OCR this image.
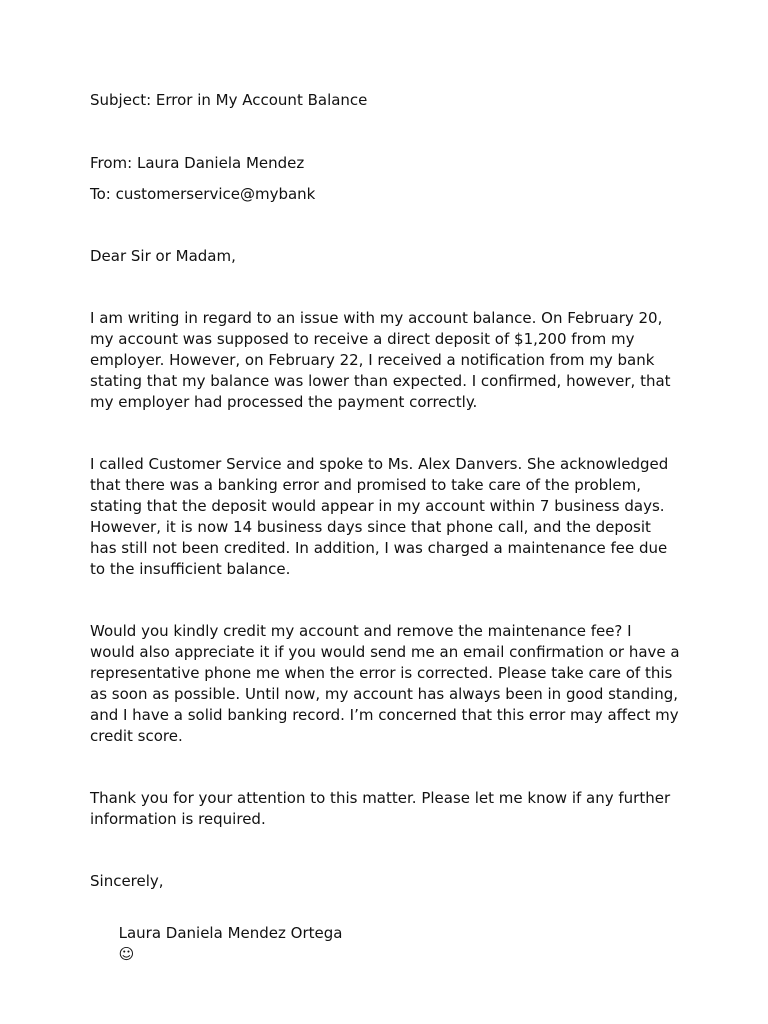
Subject: Error in My Account Balance

From: Laura Daniela Mendez

To: customerservice@mybank

Dear Sir or Madam,

I am writing in regard to an issue with my account balance. On February 20, my account was supposed to receive a direct deposit of $1,200 from my employer. However, on February 22, I received a notification from my bank stating that my balance was lower than expected. I confirmed, however, that my employer had processed the payment correctly.

I called Customer Service and spoke to Ms. Alex Danvers. She acknowledged that there was a banking error and promised to take care of the problem, stating that the deposit would appear in my account within 7 business days. However, it is now 14 business days since that phone call, and the deposit has still not been credited. In addition, I was charged a maintenance fee due to the insufficient balance.

Would you kindly credit my account and remove the maintenance fee? I would also appreciate it if you would send me an email confirmation or have a representative phone me when the error is corrected. Please take care of this as soon as possible. Until now, my account has always been in good standing, and I have a solid banking record. I’m concerned that this error may affect my credit score.

Thank you for your attention to this matter. Please let me know if any further information is required.

Sincerely,

Laura Daniela Mendez Ortega
☺
